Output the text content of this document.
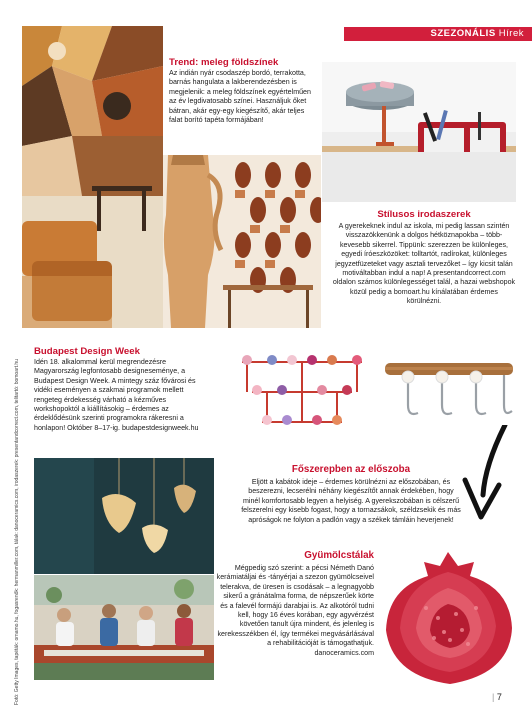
SZEZONÁLIS Hírek
Trend: meleg földszínek
Az indián nyár csodaszép bordó, terrakotta, barnás hangulata a lakberendezésben is megjelenik: a meleg földszínek egyértelműen az év legdivatosabb színei. Használjuk őket bátran, akár egy-egy kiegészítő, akár teljes falat borító tapéta formájában!
Stílusos irodaszerek
A gyerekeknek indul az iskola, mi pedig lassan szintén visszazökkenünk a dolgos hétköznapokba – több-kevesebb sikerrel. Tippünk: szerezzen be különleges, egyedi íróeszközöket: tolltartót, radírokat, különleges jegyzetfüzeteket vagy asztali tervezőket – így kicsit talán motiváltabban indul a nap! A presentandcorrect.com oldalon számos különlegességet talál, a hazai webshopok közül pedig a bomoart.hu kínálatában érdemes körülnézni.
Budapest Design Week
Idén 18. alkalommal kerül megrendezésre Magyarország legfontosabb designeseménye, a Budapest Design Week. A mintegy száz fővárosi és vidéki eseményen a szakmai programok mellett rengeteg érdekesség várható a kézműves workshopoktól a kiállításokig – érdemes az érdeklődésünk szerinti programokra rákeresni a honlapon! Október 8–17-ig. budapestdesignweek.hu
Fotó: Getty Images, tapéták: ornamo.hu, fogasrenők: hermanmiller.com, tálak: danoceramics.com, irodaszerek: presentandcorrect.com, telitartó: bomoart.hu	Főszerepben az előszoba
Eljött a kabátok ideje – érdemes körülnézni az előszobában, és beszerezni, lecserélni néhány kiegészítőt annak érdekében, hogy minél komfortosabb legyen a helyiség. A gyerekszobában is célszerű felszerelni egy kisebb fogast, hogy a tornazsákok, széldzsekik és más apróságok ne folyton a padlón vagy a székek támláin heverjenek!
Gyümölcstálak
Mégpedig szó szerint: a pécsi Németh Danó kerámiatáljai és -tányérjai a szezon gyümölcseivel telerakva, de üresen is csodásak – a legnagyobb sikerű a gránátalma forma, de népszerűek körte és a falevél formájú darabjai is. Az alkotóról tudni kell, hogy 16 éves korában, egy agyvérzést követően tanult újra mindent, és jelenleg is kerekesszékben él, így termékei megvásárlásával a rehabilitációját is támogathatjuk. danoceramics.com
| 7
